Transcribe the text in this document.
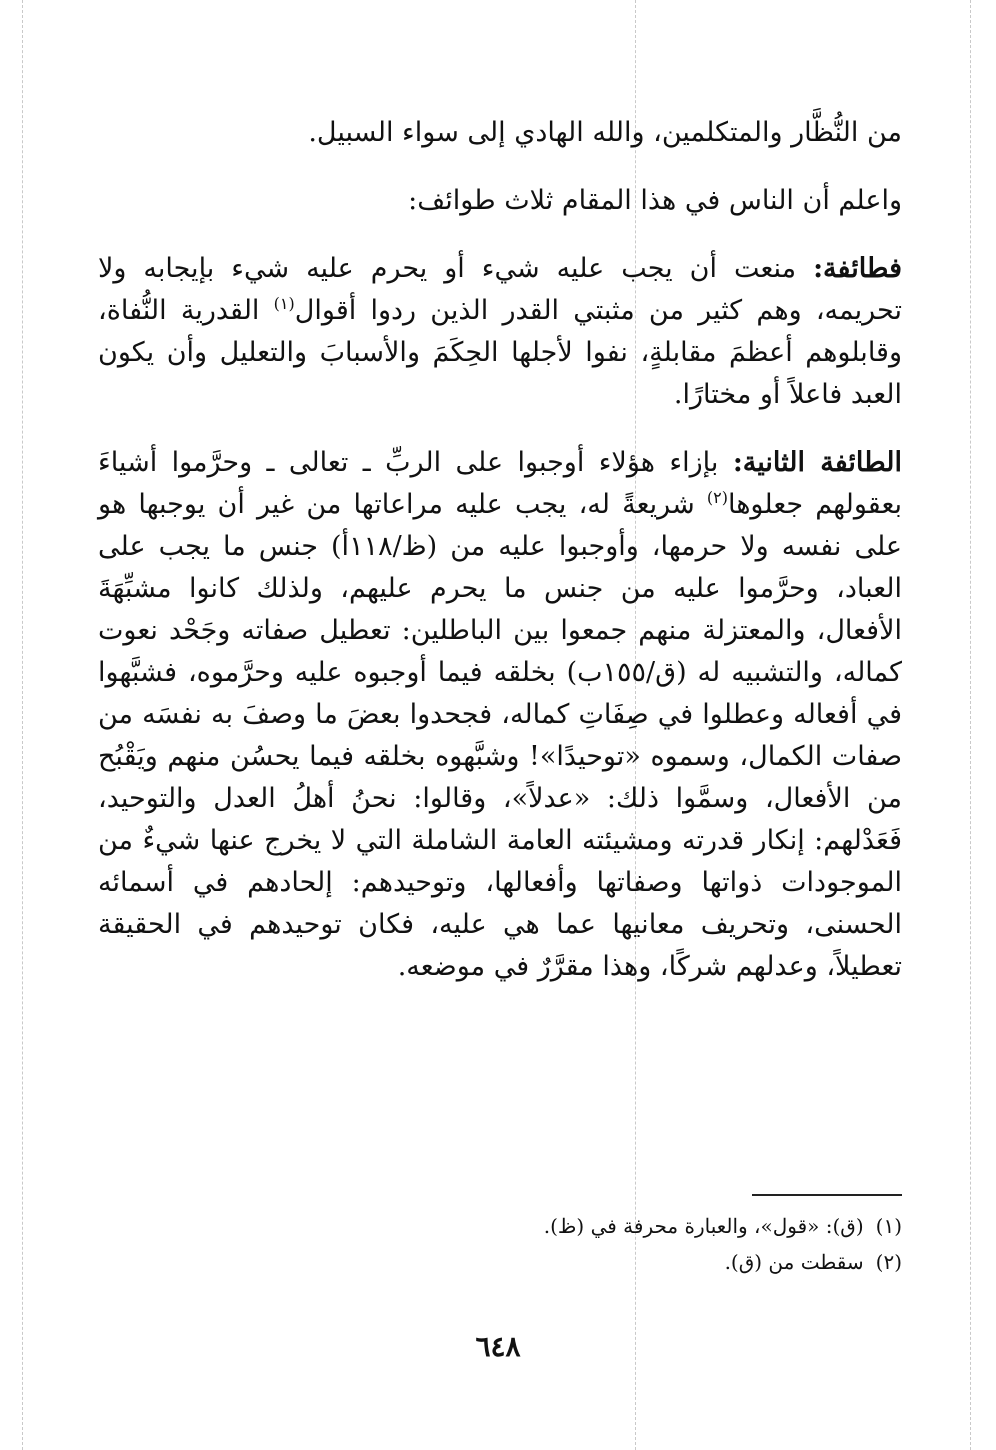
من النُّظَّار والمتكلمين، والله الهادي إلى سواء السبيل.

واعلم أن الناس في هذا المقام ثلاث طوائف:

فطائفة: منعت أن يجب عليه شيء أو يحرم عليه شيء بإيجابه ولا تحريمه، وهم كثير من مثبتي القدر الذين ردوا أقوال$^{(١)}$ القدرية النُّفاة، وقابلوهم أعظمَ مقابلةٍ، نفوا لأجلها الحِكَمَ والأسبابَ والتعليل وأن يكون العبد فاعلاً أو مختارًا.

الطائفة الثانية: بإزاء هؤلاء أوجبوا على الربِّ ـ تعالى ـ وحرَّموا أشياءَ بعقولهم جعلوها$^{(٢)}$ شريعةً له، يجب عليه مراعاتها من غير أن يوجبها هو على نفسه ولا حرمها، وأوجبوا عليه من (ظ/١١٨أ) جنس ما يجب على العباد، وحرَّموا عليه من جنس ما يحرم عليهم، ولذلك كانوا مشبِّهَةَ الأفعال، والمعتزلة منهم جمعوا بين الباطلين: تعطيل صفاته وجَحْد نعوت كماله، والتشبيه له (ق/١٥٥ب) بخلقه فيما أوجبوه عليه وحرَّموه، فشبَّهوا في أفعاله وعطلوا في صِفَاتِ كماله، فجحدوا بعضَ ما وصفَ به نفسَه من صفات الكمال، وسموه «توحيدًا»! وشبَّهوه بخلقه فيما يحسُن منهم ويَقْبُح من الأفعال، وسمَّوا ذلك: «عدلاً»، وقالوا: نحنُ أهلُ العدل والتوحيد، فَعَدْلهم: إنكار قدرته ومشيئته العامة الشاملة التي لا يخرج عنها شيءٌ من الموجودات ذواتها وصفاتها وأفعالها، وتوحيدهم: إلحادهم في أسمائه الحسنى، وتحريف معانيها عما هي عليه، فكان توحيدهم في الحقيقة تعطيلاً، وعدلهم شركًا، وهذا مقرَّرٌ في موضعه.

(١)(ق): «قول»، والعبارة محرفة في (ظ).
(٢)سقطت من (ق).
٦٤٨
